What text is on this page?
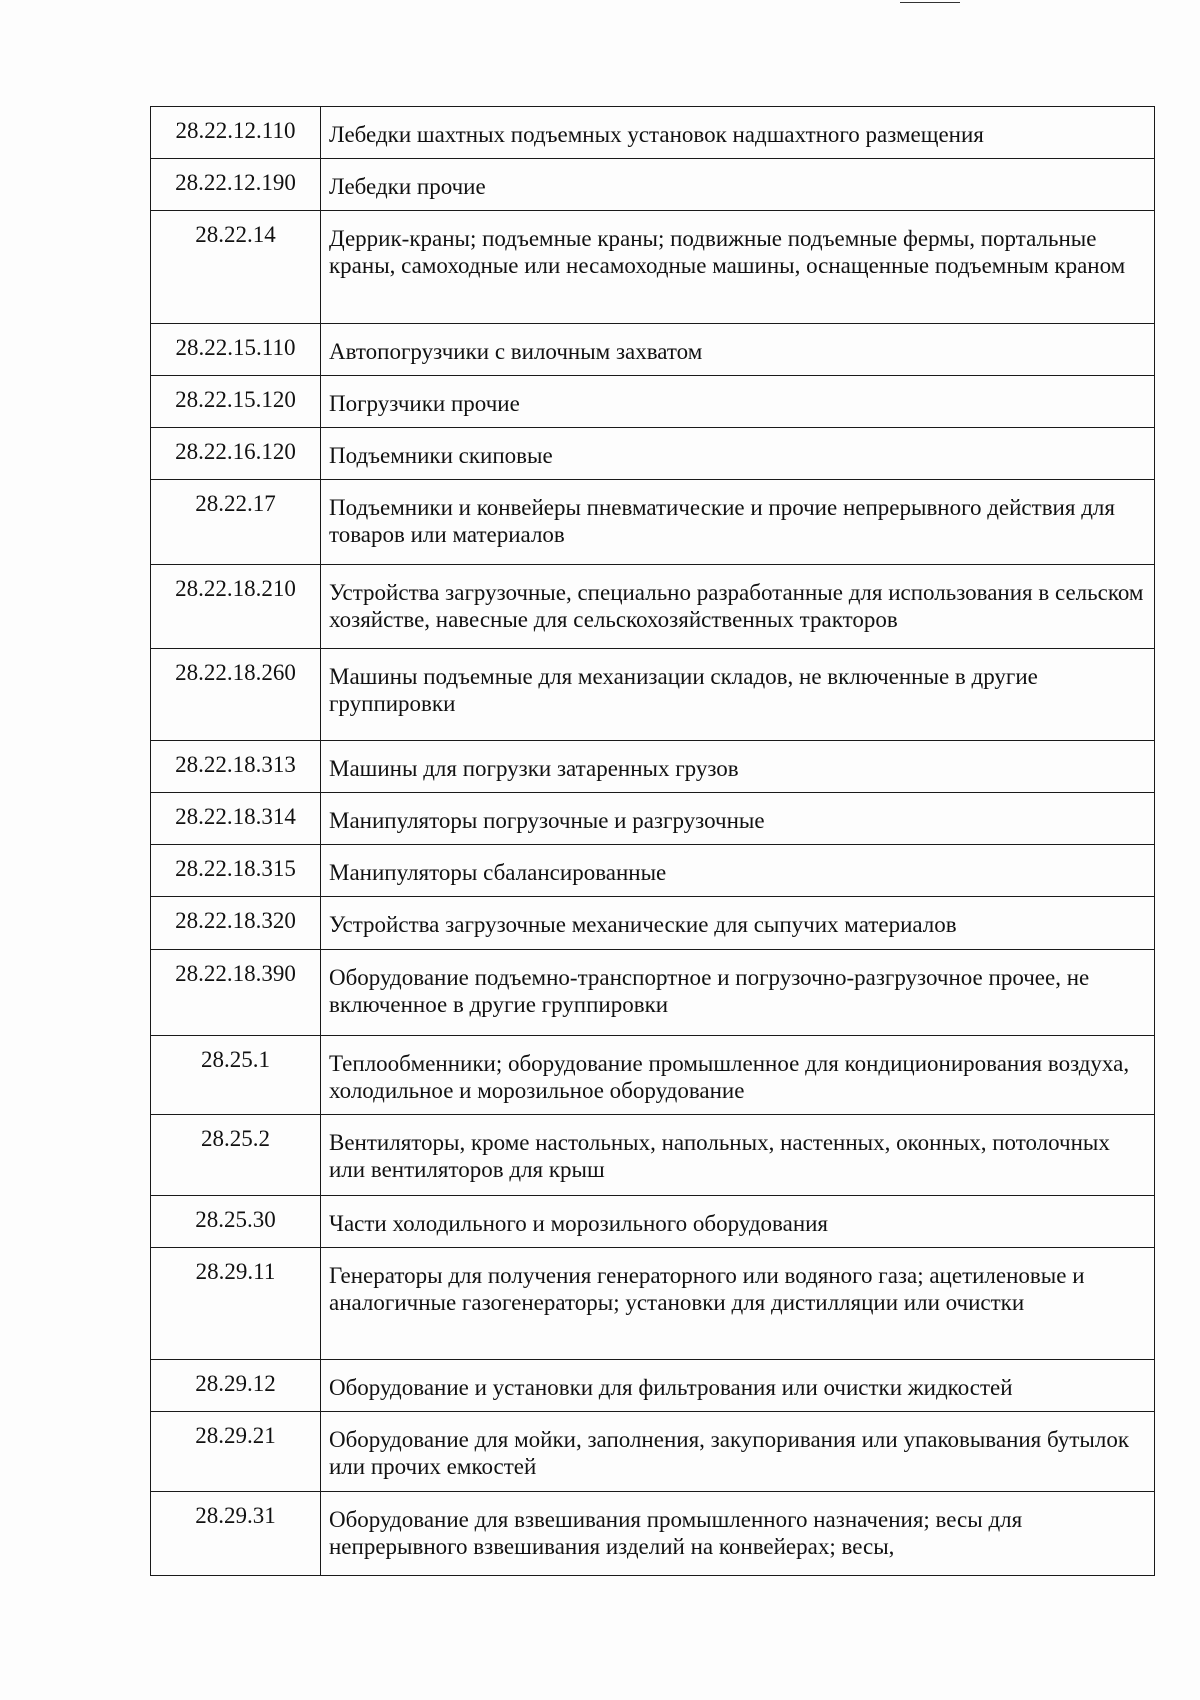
28.22.12.110	Лебедки шахтных подъемных установок надшахтного размещения
28.22.12.190	Лебедки прочие
28.22.14	Деррик-краны; подъемные краны; подвижные подъемные фермы, портальные краны, самоходные или несамоходные машины, оснащенные подъемным краном
28.22.15.110	Автопогрузчики с вилочным захватом
28.22.15.120	Погрузчики прочие
28.22.16.120	Подъемники скиповые
28.22.17	Подъемники и конвейеры пневматические и прочие непрерывного действия для товаров или материалов
28.22.18.210	Устройства загрузочные, специально разработанные для использования в сельском хозяйстве, навесные для сельскохозяйственных тракторов
28.22.18.260	Машины подъемные для механизации складов, не включенные в другие группировки
28.22.18.313	Машины для погрузки затаренных грузов
28.22.18.314	Манипуляторы погрузочные и разгрузочные
28.22.18.315	Манипуляторы сбалансированные
28.22.18.320	Устройства загрузочные механические для сыпучих материалов
28.22.18.390	Оборудование подъемно-транспортное и погрузочно-разгрузочное прочее, не включенное в другие группировки
28.25.1	Теплообменники; оборудование промышленное для кондиционирования воздуха, холодильное и морозильное оборудование
28.25.2	Вентиляторы, кроме настольных, напольных, настенных, оконных, потолочных или вентиляторов для крыш
28.25.30	Части холодильного и морозильного оборудования
28.29.11	Генераторы для получения генераторного или водяного газа; ацетиленовые и аналогичные газогенераторы; установки для дистилляции или очистки
28.29.12	Оборудование и установки для фильтрования или очистки жидкостей
28.29.21	Оборудование для мойки, заполнения, закупоривания или упаковывания бутылок или прочих емкостей
28.29.31	Оборудование для взвешивания промышленного назначения; весы для непрерывного взвешивания изделий на конвейерах; весы,
